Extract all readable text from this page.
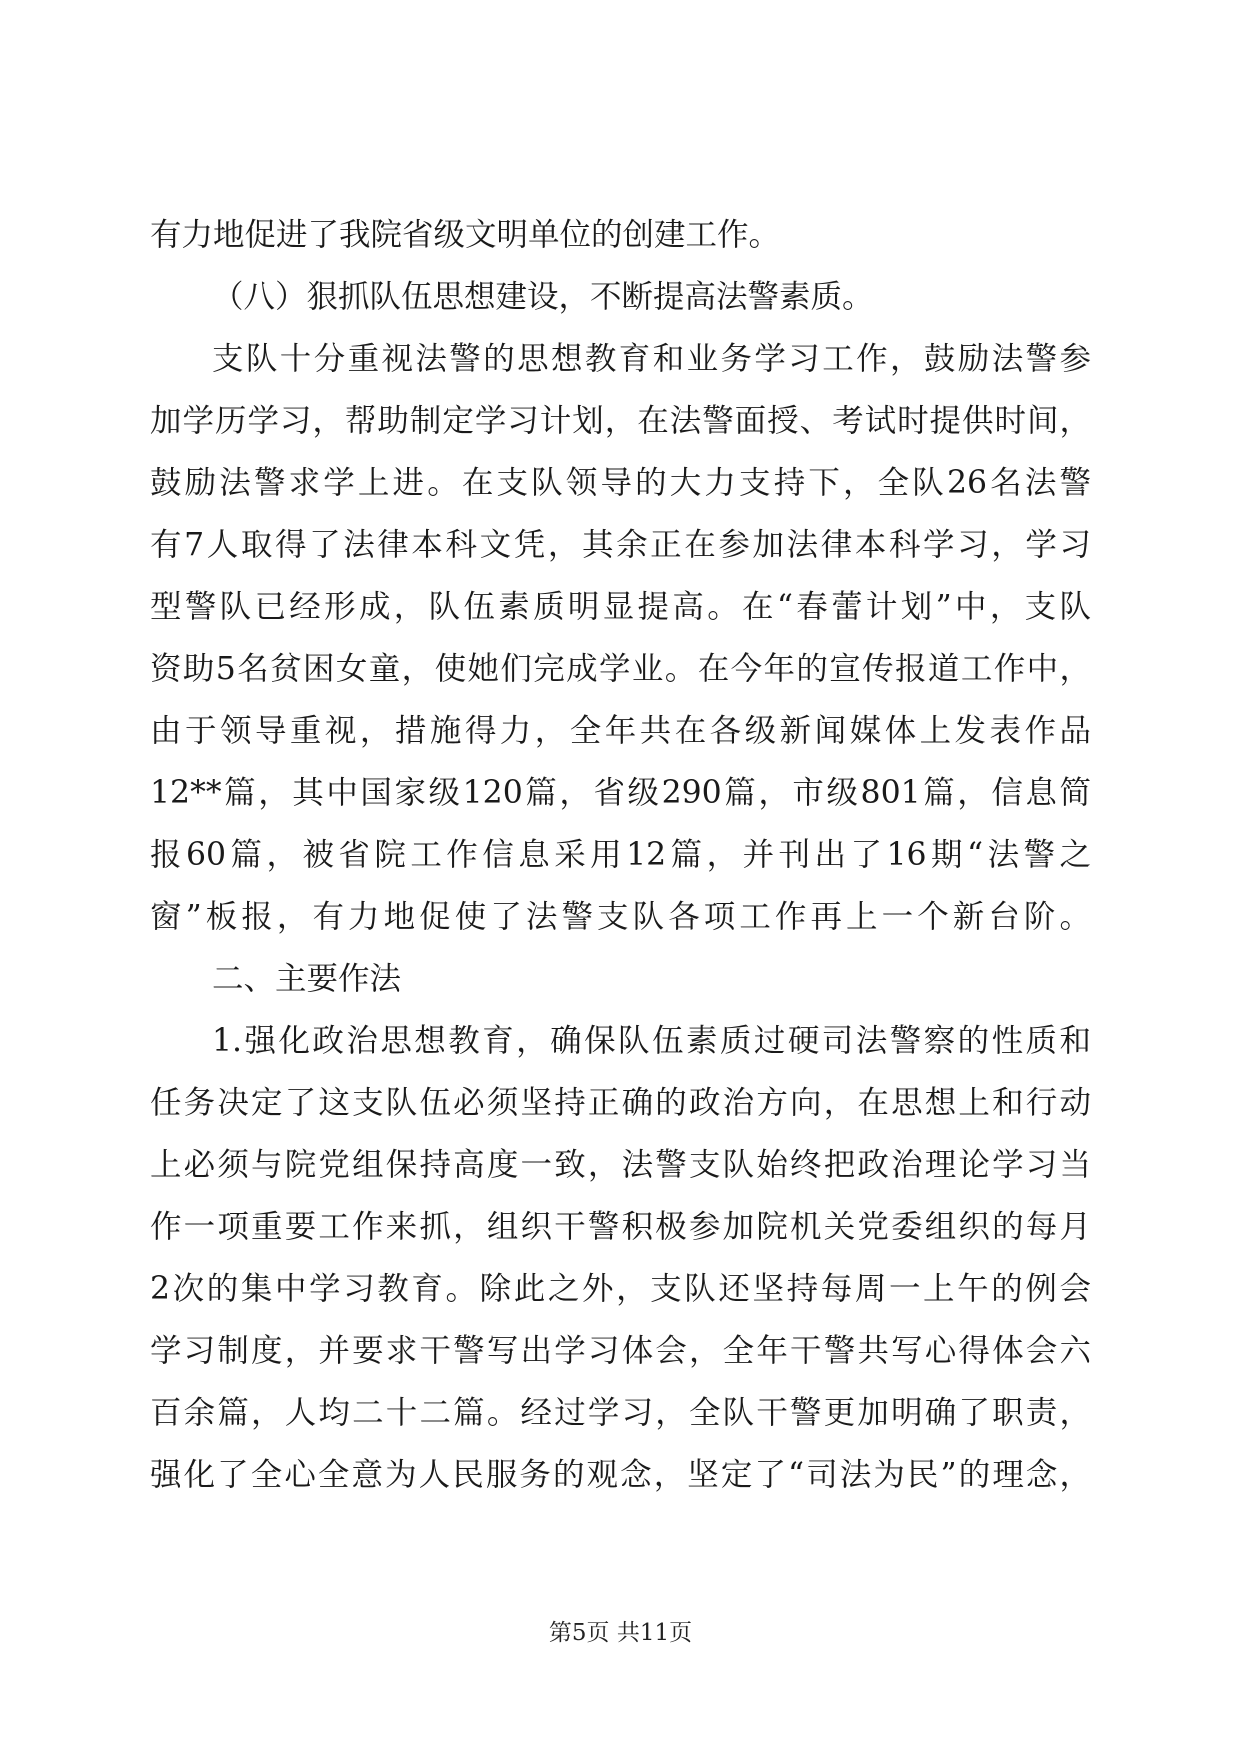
有力地促进了我院省级文明单位的创建工作。
（八）狠抓队伍思想建设，不断提高法警素质。
支队十分重视法警的思想教育和业务学习工作，鼓励法警参
加学历学习，帮助制定学习计划，在法警面授、考试时提供时间，
鼓励法警求学上进。在支队领导的大力支持下，全队26名法警
有7人取得了法律本科文凭，其余正在参加法律本科学习，学习
型警队已经形成，队伍素质明显提高。在“春蕾计划”中，支队
资助5名贫困女童，使她们完成学业。在今年的宣传报道工作中，
由于领导重视，措施得力，全年共在各级新闻媒体上发表作品
12**篇，其中国家级120篇，省级290篇，市级801篇，信息简
报60篇，被省院工作信息采用12篇，并刊出了16期“法警之
窗”板报，有力地促使了法警支队各项工作再上一个新台阶。
二、主要作法
1.强化政治思想教育，确保队伍素质过硬司法警察的性质和
任务决定了这支队伍必须坚持正确的政治方向，在思想上和行动
上必须与院党组保持高度一致，法警支队始终把政治理论学习当
作一项重要工作来抓，组织干警积极参加院机关党委组织的每月
2次的集中学习教育。除此之外，支队还坚持每周一上午的例会
学习制度，并要求干警写出学习体会，全年干警共写心得体会六
百余篇，人均二十二篇。经过学习，全队干警更加明确了职责，
强化了全心全意为人民服务的观念，坚定了“司法为民”的理念，
第5页 共11页
